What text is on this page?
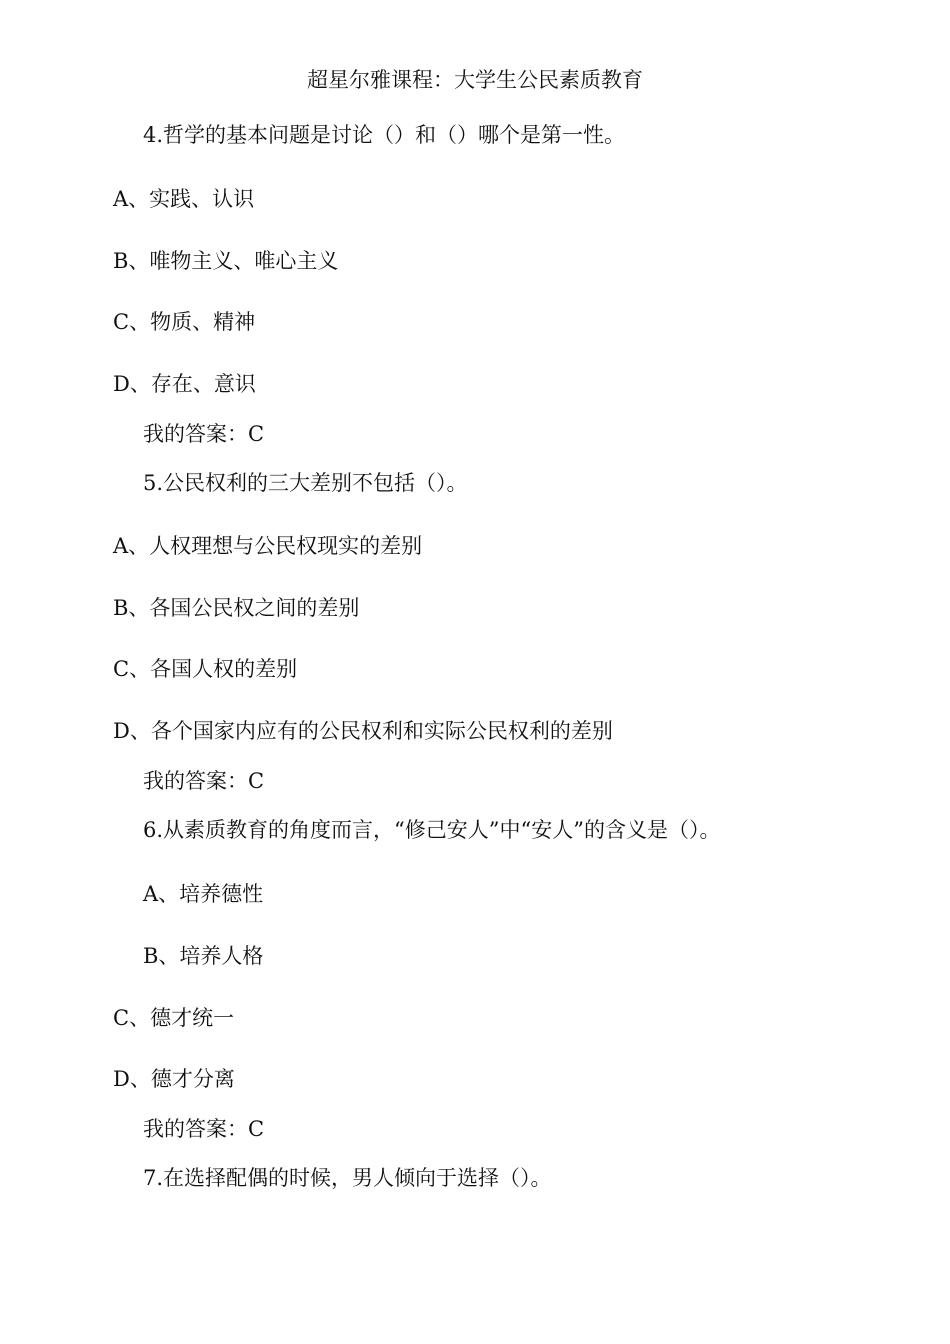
超星尔雅课程：大学生公民素质教育
4.哲学的基本问题是讨论（）和（）哪个是第一性。
A、实践、认识
B、唯物主义、唯心主义
C、物质、精神
D、存在、意识
我的答案：C
5.公民权利的三大差别不包括（）。
A、人权理想与公民权现实的差别
B、各国公民权之间的差别
C、各国人权的差别
D、各个国家内应有的公民权利和实际公民权利的差别
我的答案：C
6.从素质教育的角度而言，“修己安人”中“安人”的含义是（）。
A、培养德性
B、培养人格
C、德才统一
D、德才分离
我的答案：C
7.在选择配偶的时候，男人倾向于选择（）。
